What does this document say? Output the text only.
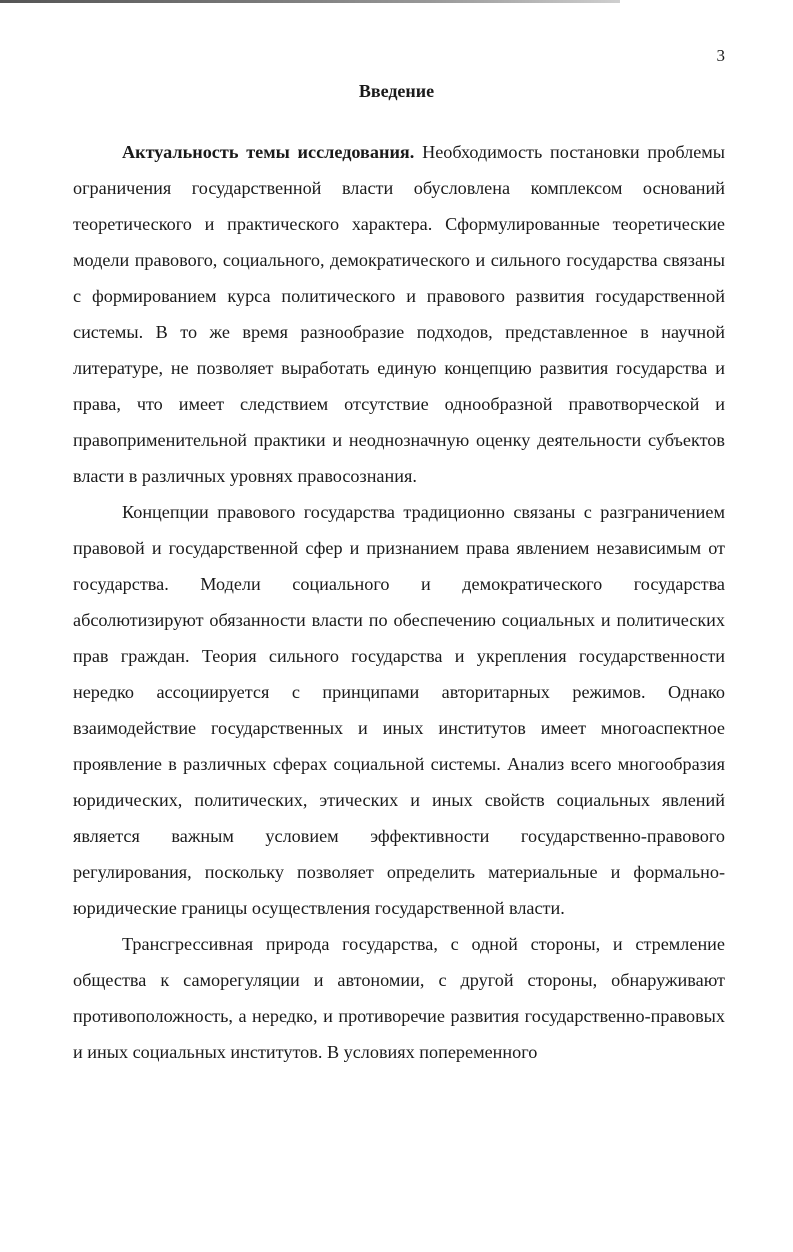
3
Введение

Актуальность темы исследования. Необходимость постановки проблемы ограничения государственной власти обусловлена комплексом оснований теоретического и практического характера. Сформулированные теоретические модели правового, социального, демократического и сильного государства связаны с формированием курса политического и правового развития государственной системы. В то же время разнообразие подходов, представленное в научной литературе, не позволяет выработать единую концепцию развития государства и права, что имеет следствием отсутствие однообразной правотворческой и правоприменительной практики и неоднозначную оценку деятельности субъектов власти в различных уровнях правосознания.

Концепции правового государства традиционно связаны с разграничением правовой и государственной сфер и признанием права явлением независимым от государства. Модели социального и демократического государства абсолютизируют обязанности власти по обеспечению социальных и политических прав граждан. Теория сильного государства и укрепления государственности нередко ассоциируется с принципами авторитарных режимов. Однако взаимодействие государственных и иных институтов имеет многоаспектное проявление в различных сферах социальной системы. Анализ всего многообразия юридических, политических, этических и иных свойств социальных явлений является важным условием эффективности государственно-правового регулирования, поскольку позволяет определить материальные и формально-юридические границы осуществления государственной власти.

Трансгрессивная природа государства, с одной стороны, и стремление общества к саморегуляции и автономии, с другой стороны, обнаруживают противоположность, а нередко, и противоречие развития государственно-правовых и иных социальных институтов. В условиях попеременного
